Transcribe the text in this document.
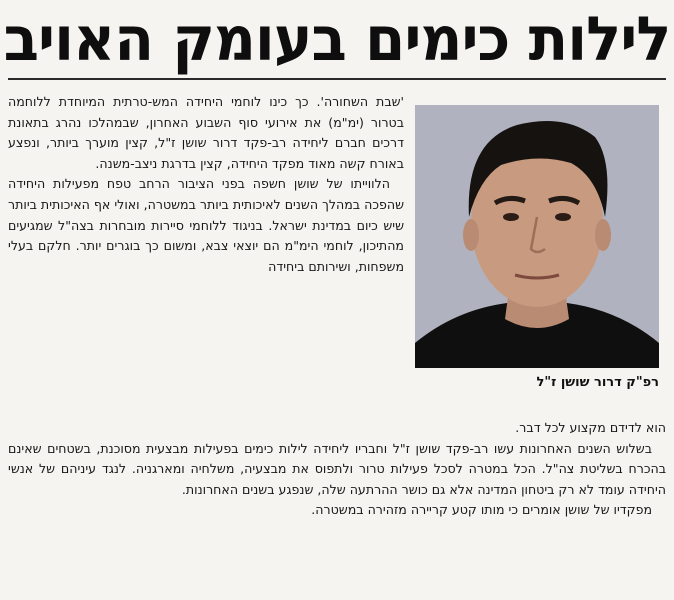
לילות כימים בעומק האויב

'שבת השחורה'. כך כינו לוחמי היחידה המש-טרתית המיוחדת ללוחמה בטרור (ימ"מ) את אירועי סוף השבוע האחרון, שבמהלכו נהרג בתאונת דרכים חברם ליחידה רב-פקד דרור שושן ז"ל, קצין מוערך ביותר, ונפצע באורח קשה מאוד מפקד היחידה, קצין בדרגת ניצב-משנה.

הלווייתו של שושן חשפה בפני הציבור הרחב טפח מפעילות היחידה שהפכה במהלך השנים לאיכותית ביותר במשטרה, ואולי אף האיכותית ביותר שיש כיום במדינת ישראל. בניגוד ללוחמי סיירות מובחרות בצה"ל שמגיעים מהתיכון, לוחמי הימ"מ הם יוצאי צבא, ומשום כך בוגרים יותר. חלקם בעלי משפחות, ושירותם ביחידה

רפ"ק דרור שושן ז"ל

הוא לדידם מקצוע לכל דבר.

בשלוש השנים האחרונות עשו רב-פקד שושן ז"ל וחבריו ליחידה לילות כימים בפעילות מבצעית מסוכנת, בשטחים שאינם בהכרח בשליטת צה"ל. הכל במטרה לסכל פעילות טרור ולתפוס את מבצעיה, משלחיה ומארגניה. לנגד עיניהם של אנשי היחידה עומד לא רק ביטחון המדינה אלא גם כושר ההרתעה שלה, שנפגע בשנים האחרונות.

מפקדיו של שושן אומרים כי מותו קטע קריירה מזהירה במשטרה.
